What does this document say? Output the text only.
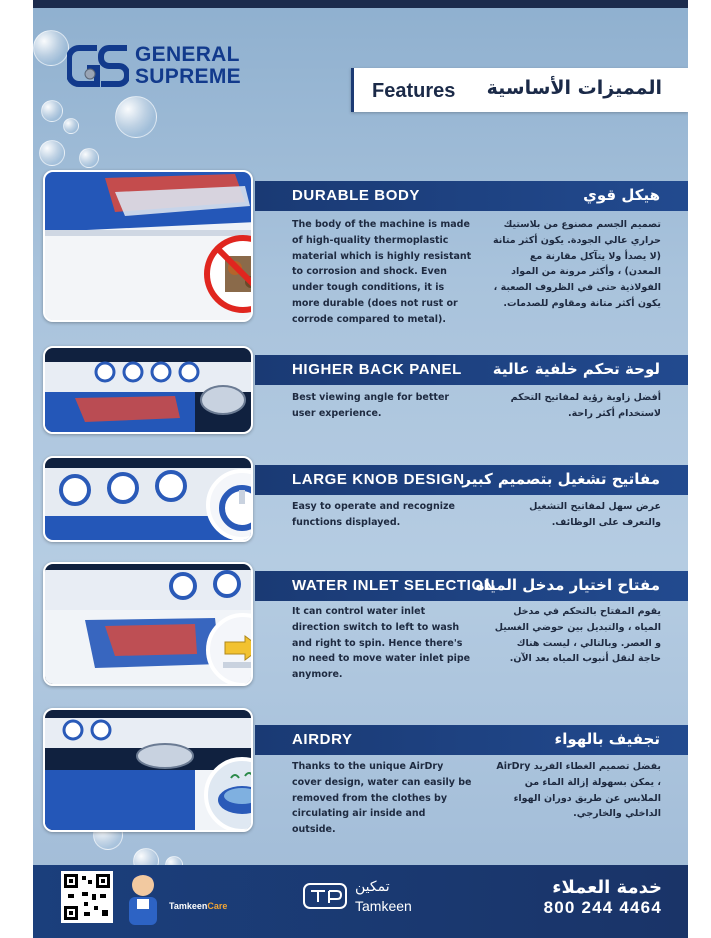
GENERAL
SUPREME
Features المميزات الأساسية
DURABLE BODY	هيكل قوي
The body of the machine is made of high-quality thermoplastic material which is highly resistant to corrosion and shock. Even under tough conditions, it is more durable (does not rust or corrode compared to metal).
تصميم الجسم مصنوع من بلاستيك حراري عالي الجودة. يكون أكثر متانة (لا يصدأ ولا يتآكل مقارنة مع المعدن) ، وأكثر مرونة من المواد الفولاذية حتى في الظروف الصعبة ، يكون أكثر متانة ومقاوم للصدمات.
HIGHER BACK PANEL لوحة تحكم خلفية عالية
Best viewing angle for better user experience.
أفضل زاوية رؤية لمفاتيح التحكم لاستخدام أكثر راحة.
LARGE KNOB DESIGN
مفاتيح تشغيل بتصميم كبير
Easy to operate and recognize functions displayed.
عرض سهل لمفاتيح التشغيل والتعرف على الوظائف.
WATER INLET SELECTION
مفتاح اختيار مدخل المياه
It can control water inlet direction switch to left to wash and right to spin. Hence there's no need to move water inlet pipe anymore.
يقوم المفتاح بالتحكم في مدخل المياه ، والتبديل بين حوضي الغسيل و العصر. وبالتالي ، ليست هناك حاجة لنقل أنبوب المياه بعد الآن.
AIRDRY	تجفيف بالهواء
Thanks to the unique AirDry cover design, water can easily be removed from the clothes by circulating air inside and outside.
بفضل تصميم الغطاء الفريد AirDry ، يمكن بسهولة إزالة الماء من الملابس عن طريق دوران الهواء الداخلي والخارجي.
TamkeenCare
تمكين
Tamkeen
خدمة العملاء
800 244 4464
